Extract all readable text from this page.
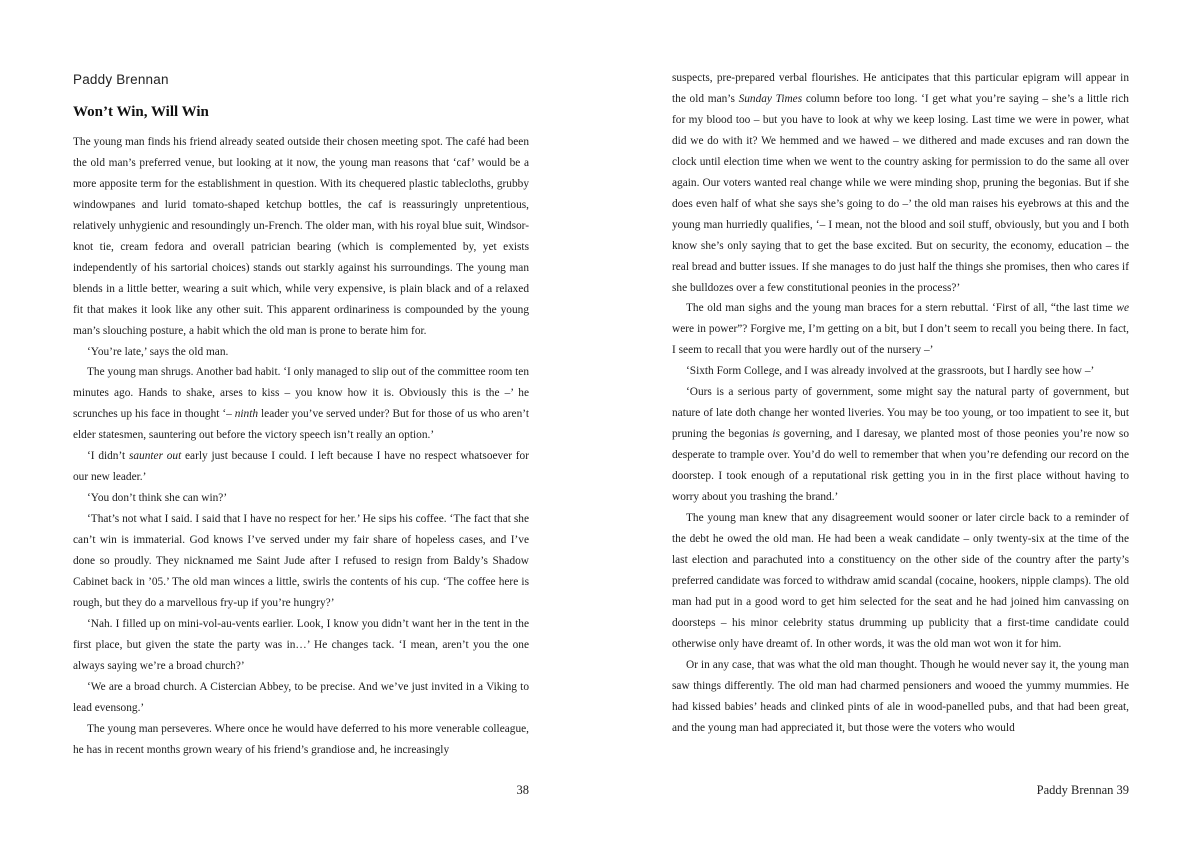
Paddy Brennan
Won’t Win, Will Win

The young man finds his friend already seated outside their chosen meeting spot. The café had been the old man’s preferred venue, but looking at it now, the young man reasons that ‘caf’ would be a more apposite term for the establishment in question. With its chequered plastic tablecloths, grubby windowpanes and lurid tomato-shaped ketchup bottles, the caf is reassuringly unpretentious, relatively unhygienic and resoundingly un-French. The older man, with his royal blue suit, Windsor-knot tie, cream fedora and overall patrician bearing (which is complemented by, yet exists independently of his sartorial choices) stands out starkly against his surroundings. The young man blends in a little better, wearing a suit which, while very expensive, is plain black and of a relaxed fit that makes it look like any other suit. This apparent ordinariness is compounded by the young man’s slouching posture, a habit which the old man is prone to berate him for.

‘You’re late,’ says the old man.

The young man shrugs. Another bad habit. ‘I only managed to slip out of the committee room ten minutes ago. Hands to shake, arses to kiss – you know how it is. Obviously this is the –’ he scrunches up his face in thought ‘– ninth leader you’ve served under? But for those of us who aren’t elder statesmen, sauntering out before the victory speech isn’t really an option.’

‘I didn’t saunter out early just because I could. I left because I have no respect whatsoever for our new leader.’

‘You don’t think she can win?’

‘That’s not what I said. I said that I have no respect for her.’ He sips his coffee. ‘The fact that she can’t win is immaterial. God knows I’ve served under my fair share of hopeless cases, and I’ve done so proudly. They nicknamed me Saint Jude after I refused to resign from Baldy’s Shadow Cabinet back in ’05.’ The old man winces a little, swirls the contents of his cup. ‘The coffee here is rough, but they do a marvellous fry-up if you’re hungry?’

‘Nah. I filled up on mini-vol-au-vents earlier. Look, I know you didn’t want her in the tent in the first place, but given the state the party was in…’ He changes tack. ‘I mean, aren’t you the one always saying we’re a broad church?’

‘We are a broad church. A Cistercian Abbey, to be precise. And we’ve just invited in a Viking to lead evensong.’

The young man perseveres. Where once he would have deferred to his more venerable colleague, he has in recent months grown weary of his friend’s grandiose and, he increasingly

38

suspects, pre-prepared verbal flourishes. He anticipates that this particular epigram will appear in the old man’s Sunday Times column before too long. ‘I get what you’re saying – she’s a little rich for my blood too – but you have to look at why we keep losing. Last time we were in power, what did we do with it? We hemmed and we hawed – we dithered and made excuses and ran down the clock until election time when we went to the country asking for permission to do the same all over again. Our voters wanted real change while we were minding shop, pruning the begonias. But if she does even half of what she says she’s going to do –’ the old man raises his eyebrows at this and the young man hurriedly qualifies, ‘– I mean, not the blood and soil stuff, obviously, but you and I both know she’s only saying that to get the base excited. But on security, the economy, education – the real bread and butter issues. If she manages to do just half the things she promises, then who cares if she bulldozes over a few constitutional peonies in the process?’

The old man sighs and the young man braces for a stern rebuttal. ‘First of all, “the last time we were in power”? Forgive me, I’m getting on a bit, but I don’t seem to recall you being there. In fact, I seem to recall that you were hardly out of the nursery –’

‘Sixth Form College, and I was already involved at the grassroots, but I hardly see how –’

‘Ours is a serious party of government, some might say the natural party of government, but nature of late doth change her wonted liveries. You may be too young, or too impatient to see it, but pruning the begonias is governing, and I daresay, we planted most of those peonies you’re now so desperate to trample over. You’d do well to remember that when you’re defending our record on the doorstep. I took enough of a reputational risk getting you in in the first place without having to worry about you trashing the brand.’

The young man knew that any disagreement would sooner or later circle back to a reminder of the debt he owed the old man. He had been a weak candidate – only twenty-six at the time of the last election and parachuted into a constituency on the other side of the country after the party’s preferred candidate was forced to withdraw amid scandal (cocaine, hookers, nipple clamps). The old man had put in a good word to get him selected for the seat and he had joined him canvassing on doorsteps – his minor celebrity status drumming up publicity that a first-time candidate could otherwise only have dreamt of. In other words, it was the old man wot won it for him.

Or in any case, that was what the old man thought. Though he would never say it, the young man saw things differently. The old man had charmed pensioners and wooed the yummy mummies. He had kissed babies’ heads and clinked pints of ale in wood-panelled pubs, and that had been great, and the young man had appreciated it, but those were the voters who would

Paddy Brennan 39
